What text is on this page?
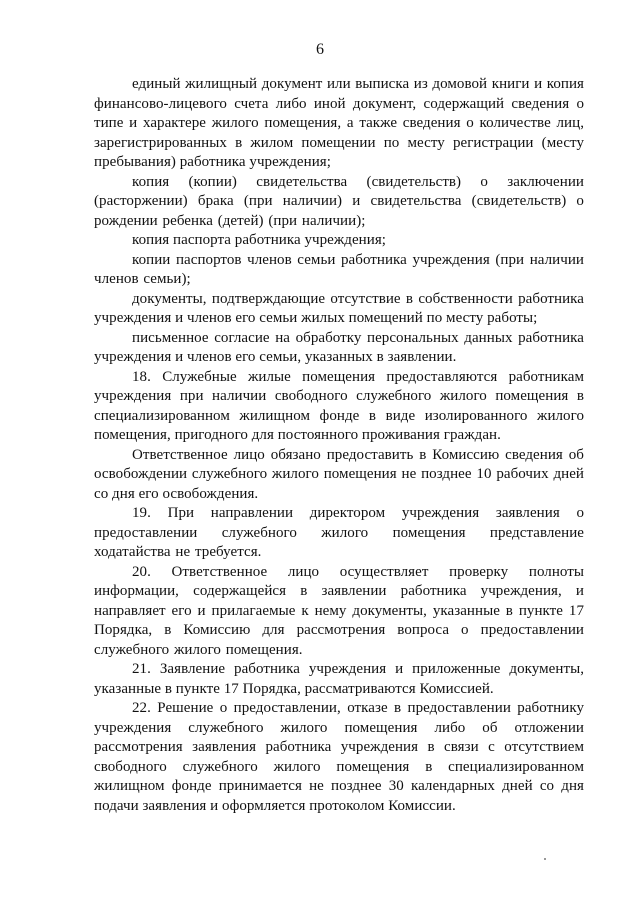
6

единый жилищный документ или выписка из домовой книги и копия финансово-лицевого счета либо иной документ, содержащий сведения о типе и характере жилого помещения, а также сведения о количестве лиц, зарегистрированных в жилом помещении по месту регистрации (месту пребывания) работника учреждения;

копия (копии) свидетельства (свидетельств) о заключении (расторжении) брака (при наличии) и свидетельства (свидетельств) о рождении ребенка (детей) (при наличии);

копия паспорта работника учреждения;

копии паспортов членов семьи работника учреждения (при наличии членов семьи);

документы, подтверждающие отсутствие в собственности работника учреждения и членов его семьи жилых помещений по месту работы;

письменное согласие на обработку персональных данных работника учреждения и членов его семьи, указанных в заявлении.

18. Служебные жилые помещения предоставляются работникам учреждения при наличии свободного служебного жилого помещения в специализированном жилищном фонде в виде изолированного жилого помещения, пригодного для постоянного проживания граждан.

Ответственное лицо обязано предоставить в Комиссию сведения об освобождении служебного жилого помещения не позднее 10 рабочих дней со дня его освобождения.

19. При направлении директором учреждения заявления о предоставлении служебного жилого помещения представление ходатайства не требуется.

20. Ответственное лицо осуществляет проверку полноты информации, содержащейся в заявлении работника учреждения, и направляет его и прилагаемые к нему документы, указанные в пункте 17 Порядка, в Комиссию для рассмотрения вопроса о предоставлении служебного жилого помещения.

21. Заявление работника учреждения и приложенные документы, указанные в пункте 17 Порядка, рассматриваются Комиссией.

22. Решение о предоставлении, отказе в предоставлении работнику учреждения служебного жилого помещения либо об отложении рассмотрения заявления работника учреждения в связи с отсутствием свободного служебного жилого помещения в специализированном жилищном фонде принимается не позднее 30 календарных дней со дня подачи заявления и оформляется протоколом Комиссии.
